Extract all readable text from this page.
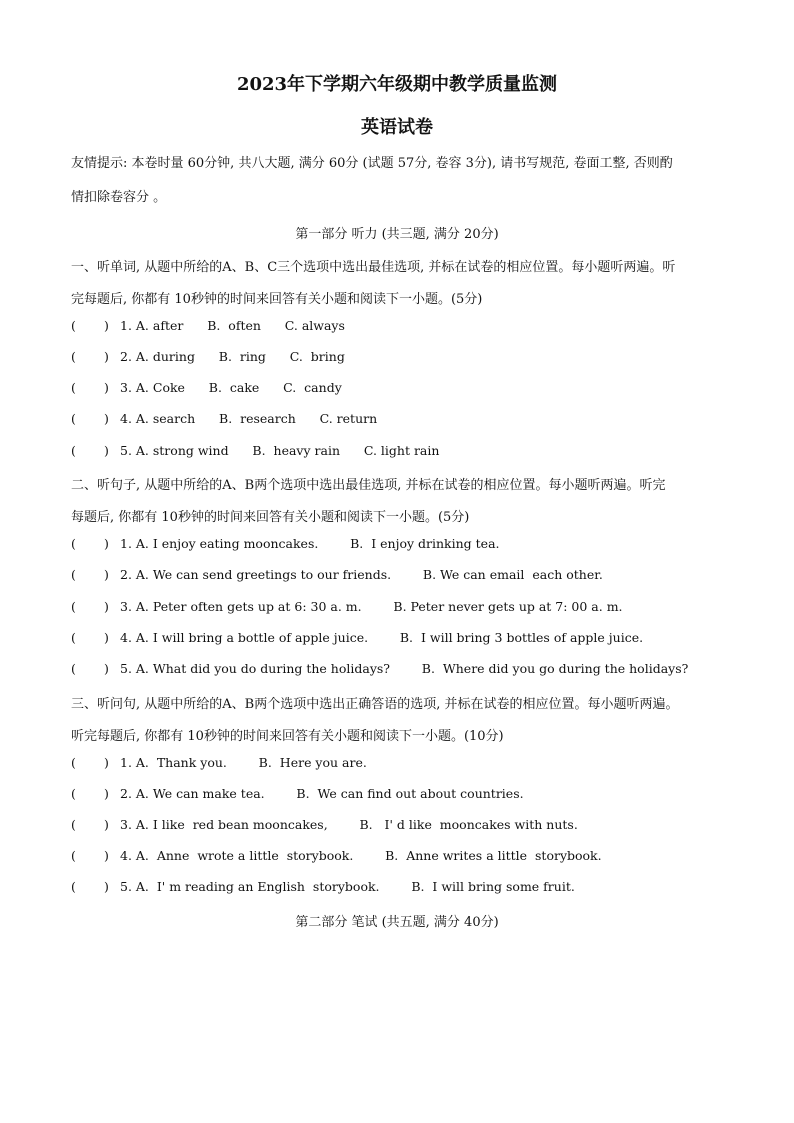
2023年下学期六年级期中教学质量监测
英语试卷

友情提示: 本卷时量 60分钟, 共八大题, 满分 60分 (试题 57分, 卷容 3分), 请书写规范, 卷面工整, 否则酌

情扣除卷容分 。

第一部分 听力 (共三题, 满分 20分)

一、听单词, 从题中所给的A、B、C三个选项中选出最佳选项, 并标在试卷的相应位置。每小题听两遍。听

完每题后, 你都有 10秒钟的时间来回答有关小题和阅读下一小题。(5分)

( ) 1. A. after      B.  often      C. always

( ) 2. A. during      B.  ring      C.  bring

( ) 3. A. Coke      B.  cake      C.  candy

( ) 4. A. search      B.  research      C. return

( ) 5. A. strong wind      B.  heavy rain      C. light rain

二、听句子, 从题中所给的A、B两个选项中选出最佳选项, 并标在试卷的相应位置。每小题听两遍。听完

每题后, 你都有 10秒钟的时间来回答有关小题和阅读下一小题。(5分)

( ) 1. A. I enjoy eating mooncakes.        B.  I enjoy drinking tea.

( ) 2. A. We can send greetings to our friends.        B. We can email  each other.

( ) 3. A. Peter often gets up at 6: 30 a. m.        B. Peter never gets up at 7: 00 a. m.

( ) 4. A. I will bring a bottle of apple juice.        B.  I will bring 3 bottles of apple juice.

( ) 5. A. What did you do during the holidays?        B.  Where did you go during the holidays?

三、听问句, 从题中所给的A、B两个选项中选出正确答语的选项, 并标在试卷的相应位置。每小题听两遍。

听完每题后, 你都有 10秒钟的时间来回答有关小题和阅读下一小题。(10分)

( ) 1. A.  Thank you.        B.  Here you are.

( ) 2. A. We can make tea.        B.  We can find out about countries.

( ) 3. A. I like  red bean mooncakes,        B.   I' d like  mooncakes with nuts.

( ) 4. A.  Anne  wrote a little  storybook.        B.  Anne writes a little  storybook.

( ) 5. A.  I' m reading an English  storybook.        B.  I will bring some fruit.

第二部分 笔试 (共五题, 满分 40分)
